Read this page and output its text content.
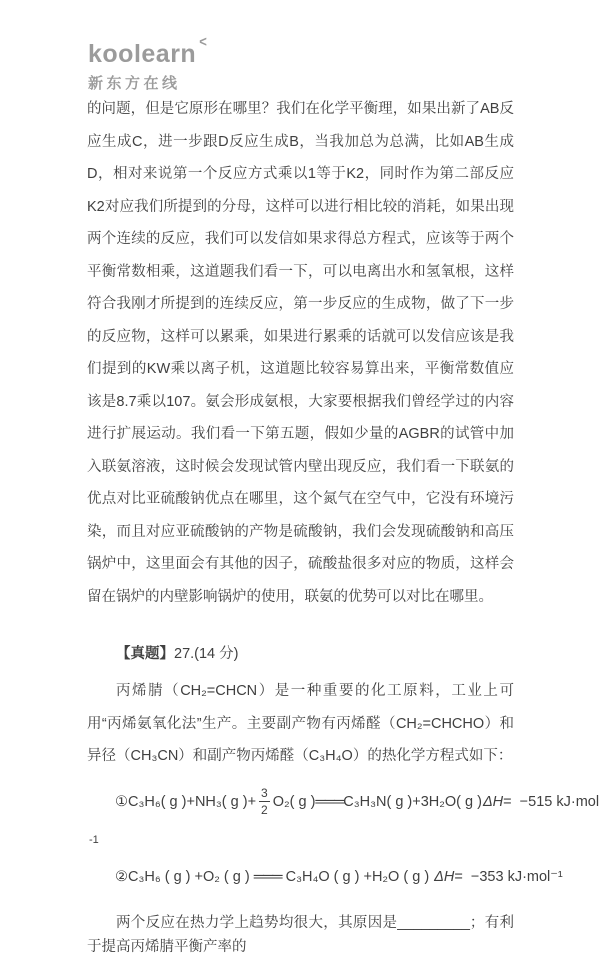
koolearn <
新东方在线

的问题，但是它原形在哪里？我们在化学平衡理，如果出新了AB反应生成C，进一步跟D反应生成B，当我加总为总满，比如AB生成D，相对来说第一个反应方式乘以1等于K2，同时作为第二部反应K2对应我们所提到的分母，这样可以进行相比较的消耗，如果出现两个连续的反应，我们可以发信如果求得总方程式，应该等于两个平衡常数相乘，这道题我们看一下，可以电离出水和氢氧根，这样符合我刚才所提到的连续反应，第一步反应的生成物，做了下一步的反应物，这样可以累乘，如果进行累乘的话就可以发信应该是我们提到的KW乘以离子机，这道题比较容易算出来，平衡常数值应该是8.7乘以107。氨会形成氨根，大家要根据我们曾经学过的内容进行扩展运动。我们看一下第五题，假如少量的AGBR的试管中加入联氨溶液，这时候会发现试管内壁出现反应，我们看一下联氨的优点对比亚硫酸钠优点在哪里，这个氮气在空气中，它没有环境污染，而且对应亚硫酸钠的产物是硫酸钠，我们会发现硫酸钠和高压锅炉中，这里面会有其他的因子，硫酸盐很多对应的物质，这样会留在锅炉的内壁影响锅炉的使用，联氨的优势可以对比在哪里。

【真题】27.(14 分)

丙烯腈（CH₂=CHCN）是一种重要的化工原料，工业上可用“丙烯氨氧化法”生产。主要副产物有丙烯醛（CH₂=CHCHO）和异径（CH₃CN）和副产物丙烯醛（C₃H₄O）的热化学方程式如下：

①C₃H₆( g )+NH₃( g )+ $\frac{3}{2} O_2$( g ) ═══ C₃H₃N( g )+3H₂O( g ) ΔH =  −515 kJ·mol
-1
②C₃H₆ ( g ) +O₂ ( g ) ═══ C₃H₄O ( g ) +H₂O ( g ) ΔH =  −353 kJ·mol⁻¹

两个反应在热力学上趋势均很大，其原因是_________；有利于提高丙烯腈平衡产率的
